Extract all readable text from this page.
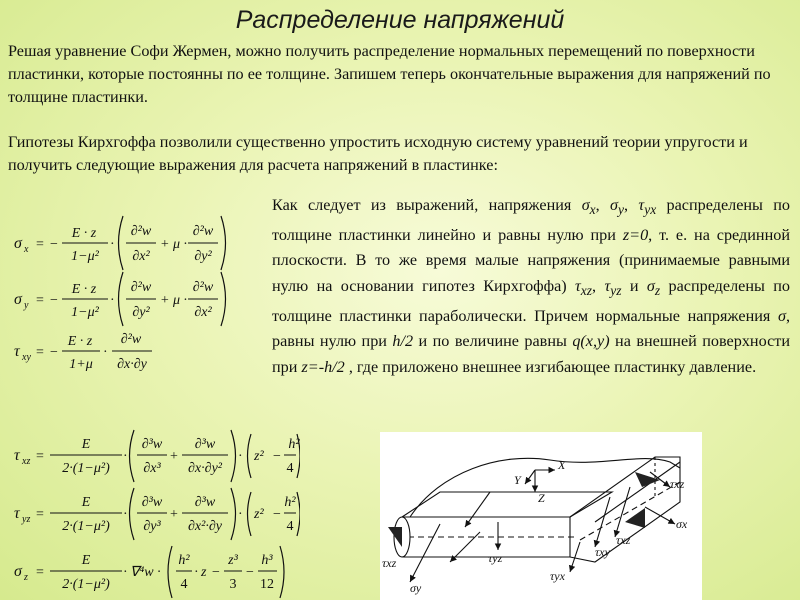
Распределение напряжений
Решая уравнение Софи Жермен, можно получить распределение нормальных перемещений по поверхности пластинки, которые постоянны по ее толщине. Запишем теперь окончательные выражения для напряжений по толщине пластинки.
Гипотезы Кирхгоффа позволили существенно упростить исходную систему уравнений теории упругости и получить следующие выражения для расчета напряжений в пластинке:
Как следует из выражений, напряжения $\sigma_x$, $\sigma_y$, $\tau_{yx}$ распределены по толщине пластинки линейно и равны нулю при z=0, т. е. на срединной плоскости. В то же время малые напряжения (принимаемые равными нулю на основании гипотез Кирхгоффа) $\tau_{xz}$, $\tau_{yz}$ и $\sigma_z$ распределены по толщине пластинки параболически. Причем нормальные напряжения σ, равны нулю при h/2 и по величине равны q(x,y) на внешней поверхности при z=-h/2 , где приложено внешнее изгибающее пластинку давление.
σ x = −
E · z
1−μ²
·
∂²w
∂x²
+ μ ·
∂²w
∂y²
σ y = −
E · z
1−μ²
·
∂²w
∂y²
+ μ ·
∂²w
∂x²
τ xy = −
E · z
1+μ
·
∂²w
∂x·∂y
τ xz =
E
2·(1−μ²)
·
∂³w
∂x³
+
∂³w
∂x·∂y²
· z² −
h²
4
τ yz =
E
2·(1−μ²)
·
∂³w
∂y³
+
∂³w
∂x²·∂y
· z² −
h²
4
σ z =
E
2·(1−μ²)
· ∇⁴w ·
h²
4
· z −
z³
3
−
h³
12
X
Y
Z
σx
τxz
τxz
τxy
τyx
τyz
τxz
σy
